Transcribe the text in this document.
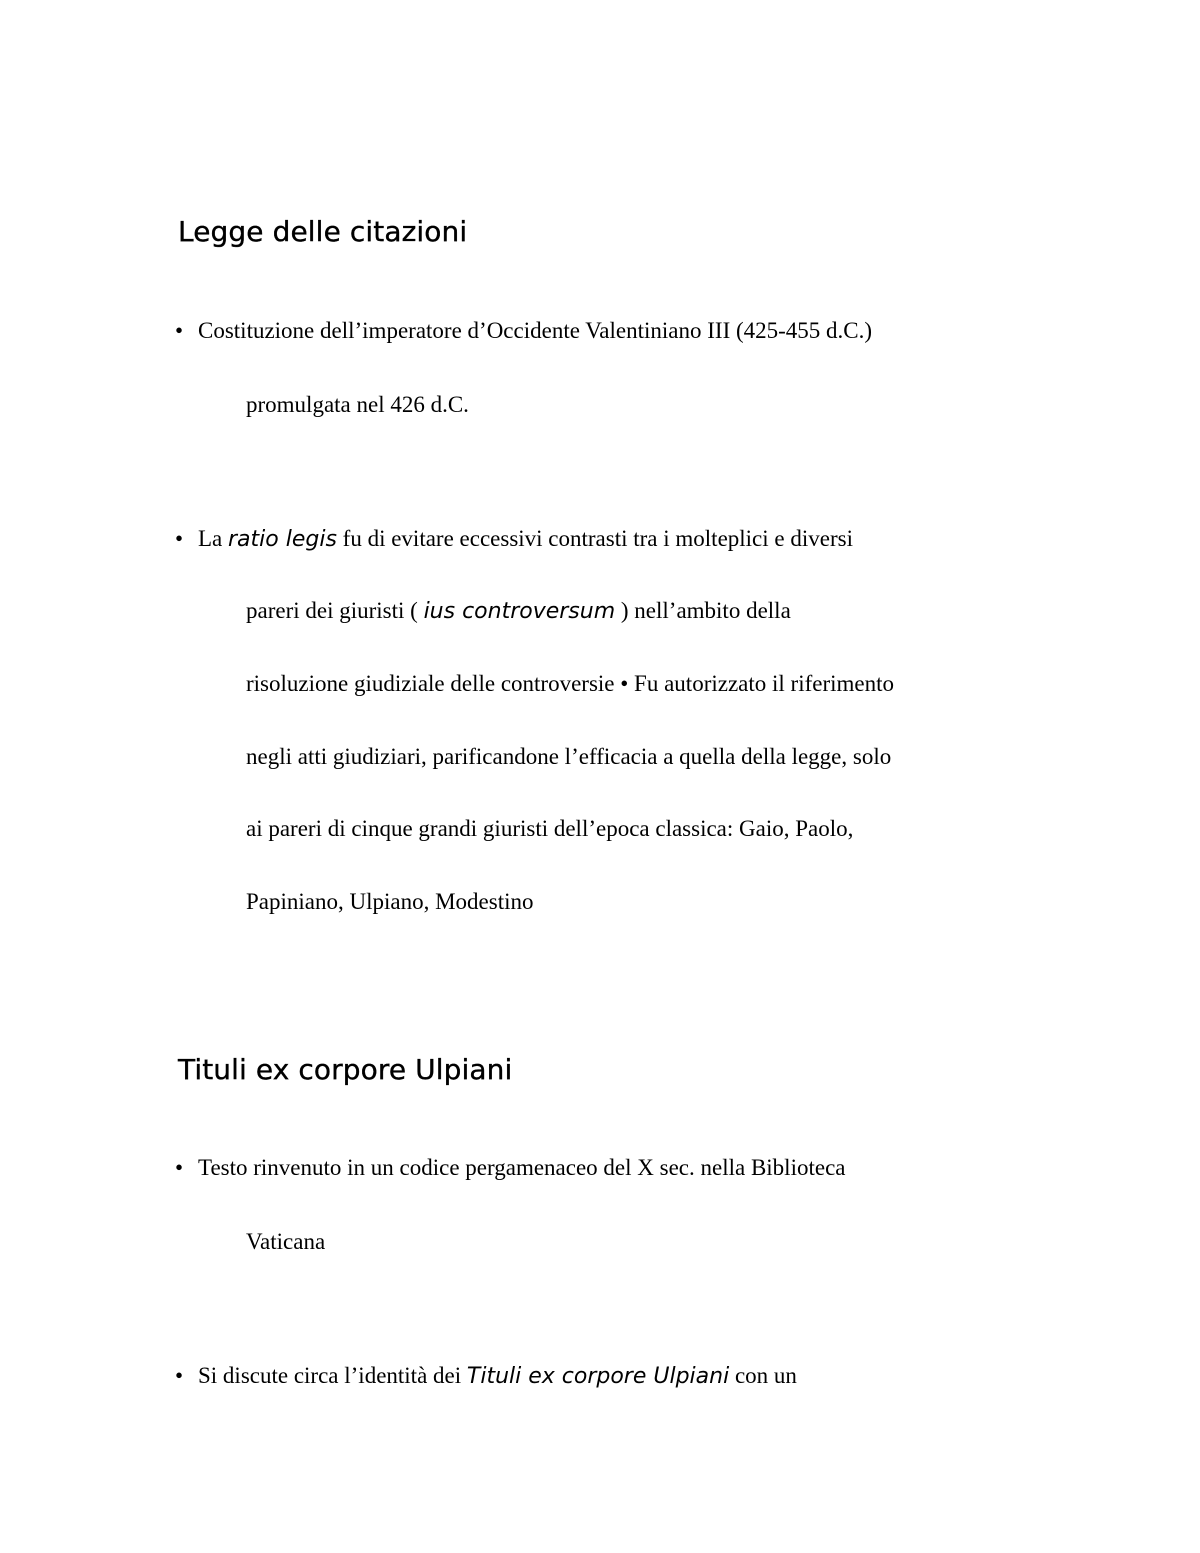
Legge delle citazioni
• Costituzione dell’imperatore d’Occidente Valentiniano III (425-455 d.C.)
promulgata nel 426 d.C.
• La ratio legis fu di evitare eccessivi contrasti tra i molteplici e diversi
pareri dei giuristi ( ius controversum ) nell’ambito della
risoluzione giudiziale delle controversie • Fu autorizzato il riferimento
negli atti giudiziari, parificandone l’efficacia a quella della legge, solo
ai pareri di cinque grandi giuristi dell’epoca classica: Gaio, Paolo,
Papiniano, Ulpiano, Modestino
Tituli ex corpore Ulpiani
• Testo rinvenuto in un codice pergamenaceo del X sec. nella Biblioteca
Vaticana
• Si discute circa l’identità dei Tituli ex corpore Ulpiani con un
